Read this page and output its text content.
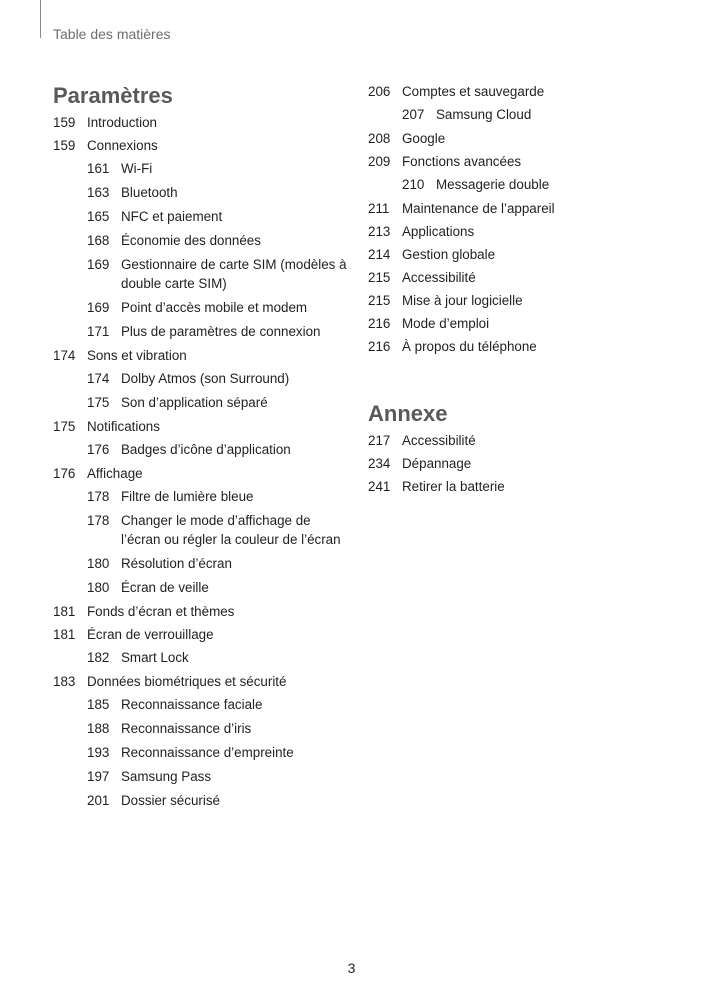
Table des matières
Paramètres
159 Introduction
159 Connexions
161 Wi-Fi
163 Bluetooth
165 NFC et paiement
168 Économie des données
169 Gestionnaire de carte SIM (modèles à double carte SIM)
169 Point d’accès mobile et modem
171 Plus de paramètres de connexion
174 Sons et vibration
174 Dolby Atmos (son Surround)
175 Son d’application séparé
175 Notifications
176 Badges d’icône d’application
176 Affichage
178 Filtre de lumière bleue
178 Changer le mode d’affichage de l’écran ou régler la couleur de l’écran
180 Résolution d’écran
180 Écran de veille
181 Fonds d’écran et thèmes
181 Écran de verrouillage
182 Smart Lock
183 Données biométriques et sécurité
185 Reconnaissance faciale
188 Reconnaissance d’iris
193 Reconnaissance d’empreinte
197 Samsung Pass
201 Dossier sécurisé
206 Comptes et sauvegarde
207 Samsung Cloud
208 Google
209 Fonctions avancées
210 Messagerie double
211 Maintenance de l’appareil
213 Applications
214 Gestion globale
215 Accessibilité
215 Mise à jour logicielle
216 Mode d’emploi
216 À propos du téléphone
Annexe
217 Accessibilité
234 Dépannage
241 Retirer la batterie
3
